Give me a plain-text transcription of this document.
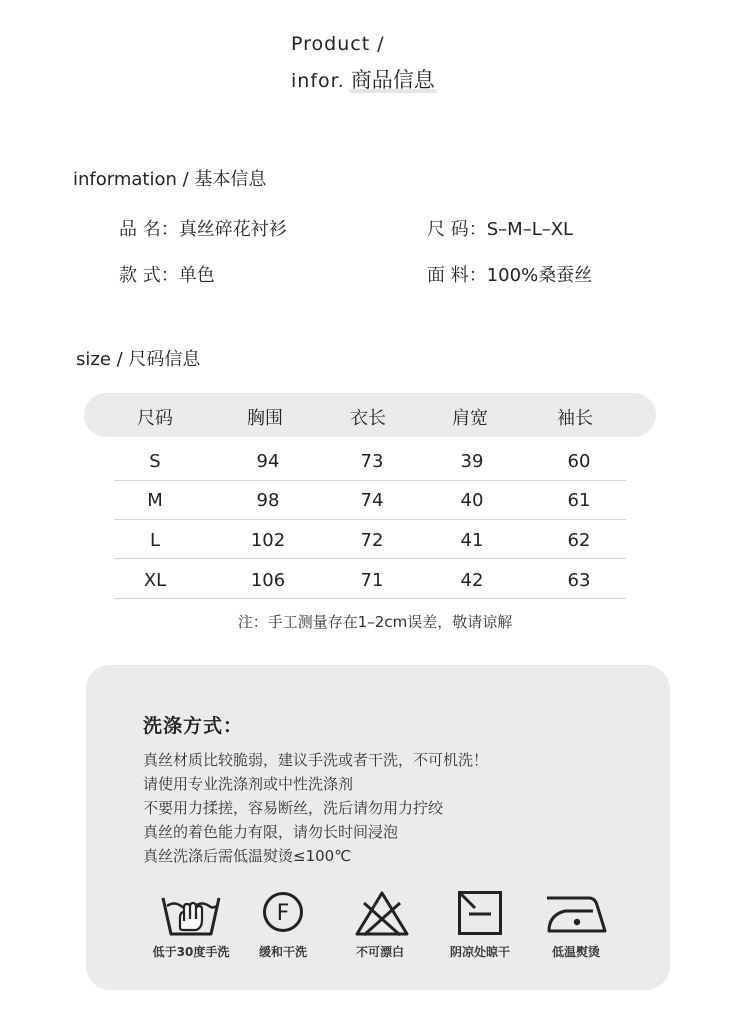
Product /
infor. 商品信息
information / 基本信息
品 名：真丝碎花衬衫	尺 码：S–M–L–XL
款 式：单色	面 料：100%桑蚕丝
size / 尺码信息
尺码	胸围	衣长	肩宽	袖长
S	94	73	39	60
M	98	74	40	61
L	102	72	41	62
XL	106	71	42	63
注：手工测量存在1–2cm误差，敬请谅解
洗涤方式：
真丝材质比较脆弱，建议手洗或者干洗，不可机洗！
请使用专业洗涤剂或中性洗涤剂
不要用力揉搓，容易断丝，洗后请勿用力拧绞
真丝的着色能力有限，请勿长时间浸泡
真丝洗涤后需低温熨烫≤100℃
低于30度手洗
F
缓和干洗	不可漂白	阴凉处晾干	低温熨烫
